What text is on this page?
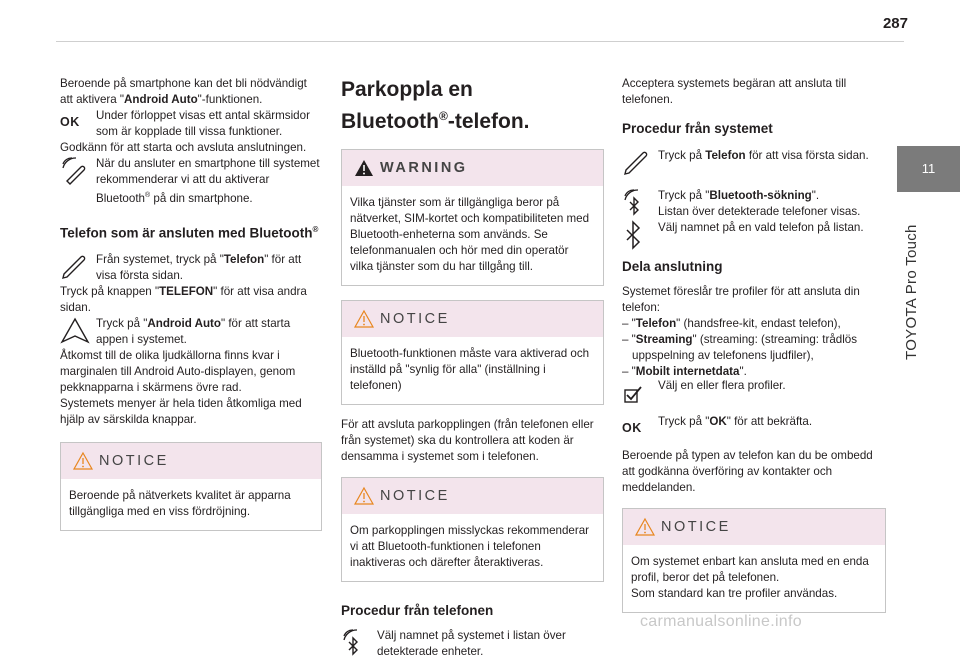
287
11
TOYOTA Pro Touch

Beroende på smartphone kan det bli nödvändigt att aktivera "Android Auto"-funktionen.

OK Under förloppet visas ett antal skärmsidor som är kopplade till vissa funktioner.

Godkänn för att starta och avsluta anslutningen.

När du ansluter en smartphone till systemet rekommenderar vi att du aktiverar Bluetooth® på din smartphone.

Telefon som är ansluten med Bluetooth®

Från systemet, tryck på "Telefon" för att visa första sidan.

Tryck på knappen "TELEFON" för att visa andra sidan.

Tryck på "Android Auto" för att starta appen i systemet.

Åtkomst till de olika ljudkällorna finns kvar i marginalen till Android Auto-displayen, genom pekknapparna i skärmens övre rad.

Systemets menyer är hela tiden åtkomliga med hjälp av särskilda knappar.

NOTICE
Beroende på nätverkets kvalitet är apparna tillgängliga med en viss fördröjning.
Parkoppla en
Bluetooth®-telefon.
WARNING
Vilka tjänster som är tillgängliga beror på nätverket, SIM-kortet och kompatibiliteten med Bluetooth-enheterna som används. Se telefonmanualen och hör med din operatör vilka tjänster som du har tillgång till.
NOTICE
Bluetooth-funktionen måste vara aktiverad och inställd på "synlig för alla" (inställning i telefonen)

För att avsluta parkopplingen (från telefonen eller från systemet) ska du kontrollera att koden är densamma i systemet som i telefonen.

NOTICE
Om parkopplingen misslyckas rekommenderar vi att Bluetooth-funktionen i telefonen inaktiveras och därefter återaktiveras.
Procedur från telefonen

Välj namnet på systemet i listan över detekterade enheter.

Acceptera systemets begäran att ansluta till telefonen.

Procedur från systemet

Tryck på Telefon för att visa första sidan.

Tryck på "Bluetooth-sökning".

Listan över detekterade telefoner visas.

Välj namnet på en vald telefon på listan.

Dela anslutning

Systemet föreslår tre profiler för att ansluta din telefon:

– "Telefon" (handsfree-kit, endast telefon),

– "Streaming" (streaming: (streaming: trådlös uppspelning av telefonens ljudfiler),

– "Mobilt internetdata".

Välj en eller flera profiler.

OK Tryck på "OK" för att bekräfta.

Beroende på typen av telefon kan du be ombedd att godkänna överföring av kontakter och meddelanden.

NOTICE

Om systemet enbart kan ansluta med en enda profil, beror det på telefonen.

Som standard kan tre profiler användas.

carmanualsonline.info
